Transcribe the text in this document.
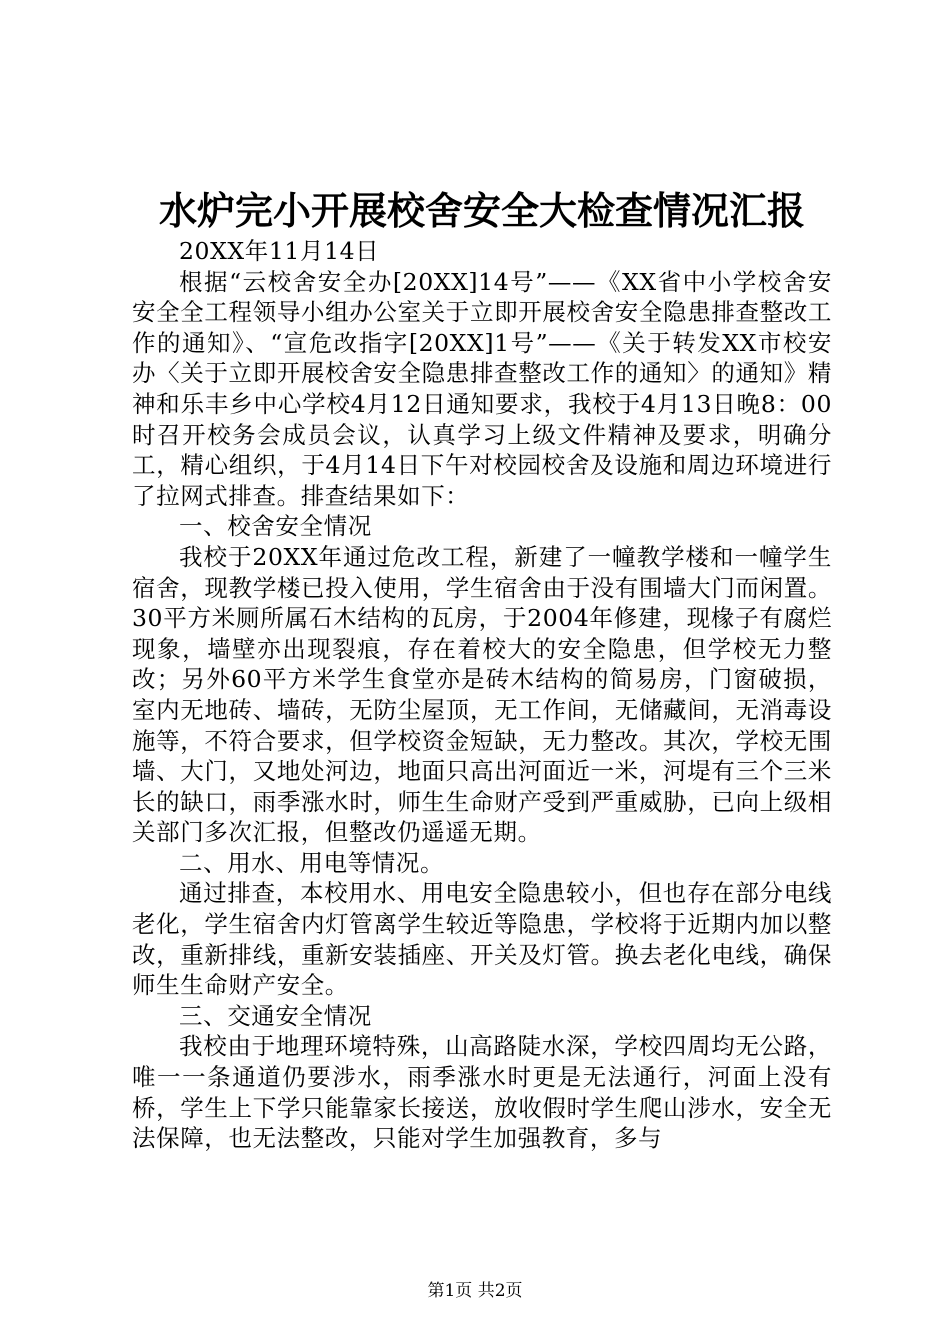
水炉完小开展校舍安全大检查情况汇报

20XX年11月14日

根据“云校舍安全办[20XX]14号”——《XX省中小学校舍安安全全工程领导小组办公室关于立即开展校舍安全隐患排查整改工作的通知》、“宣危改指字[20XX]1号”——《关于转发XX市校安办〈关于立即开展校舍安全隐患排查整改工作的通知〉的通知》精神和乐丰乡中心学校4月12日通知要求，我校于4月13日晚8：00时召开校务会成员会议，认真学习上级文件精神及要求，明确分工，精心组织，于4月14日下午对校园校舍及设施和周边环境进行了拉网式排查。排查结果如下：

一、校舍安全情况

我校于20XX年通过危改工程，新建了一幢教学楼和一幢学生宿舍，现教学楼已投入使用，学生宿舍由于没有围墙大门而闲置。30平方米厕所属石木结构的瓦房，于2004年修建，现椽子有腐烂现象，墙壁亦出现裂痕，存在着校大的安全隐患，但学校无力整改；另外60平方米学生食堂亦是砖木结构的简易房，门窗破损，室内无地砖、墙砖，无防尘屋顶，无工作间，无储藏间，无消毒设施等，不符合要求，但学校资金短缺，无力整改。其次，学校无围墙、大门，又地处河边，地面只高出河面近一米，河堤有三个三米长的缺口，雨季涨水时，师生生命财产受到严重威胁，已向上级相关部门多次汇报，但整改仍遥遥无期。

二、用水、用电等情况。

通过排查，本校用水、用电安全隐患较小，但也存在部分电线老化，学生宿舍内灯管离学生较近等隐患，学校将于近期内加以整改，重新排线，重新安装插座、开关及灯管。换去老化电线，确保师生生命财产安全。

三、交通安全情况

我校由于地理环境特殊，山高路陡水深，学校四周均无公路，唯一一条通道仍要涉水，雨季涨水时更是无法通行，河面上没有桥，学生上下学只能靠家长接送，放收假时学生爬山涉水，安全无法保障，也无法整改，只能对学生加强教育，多与

第1页 共2页
